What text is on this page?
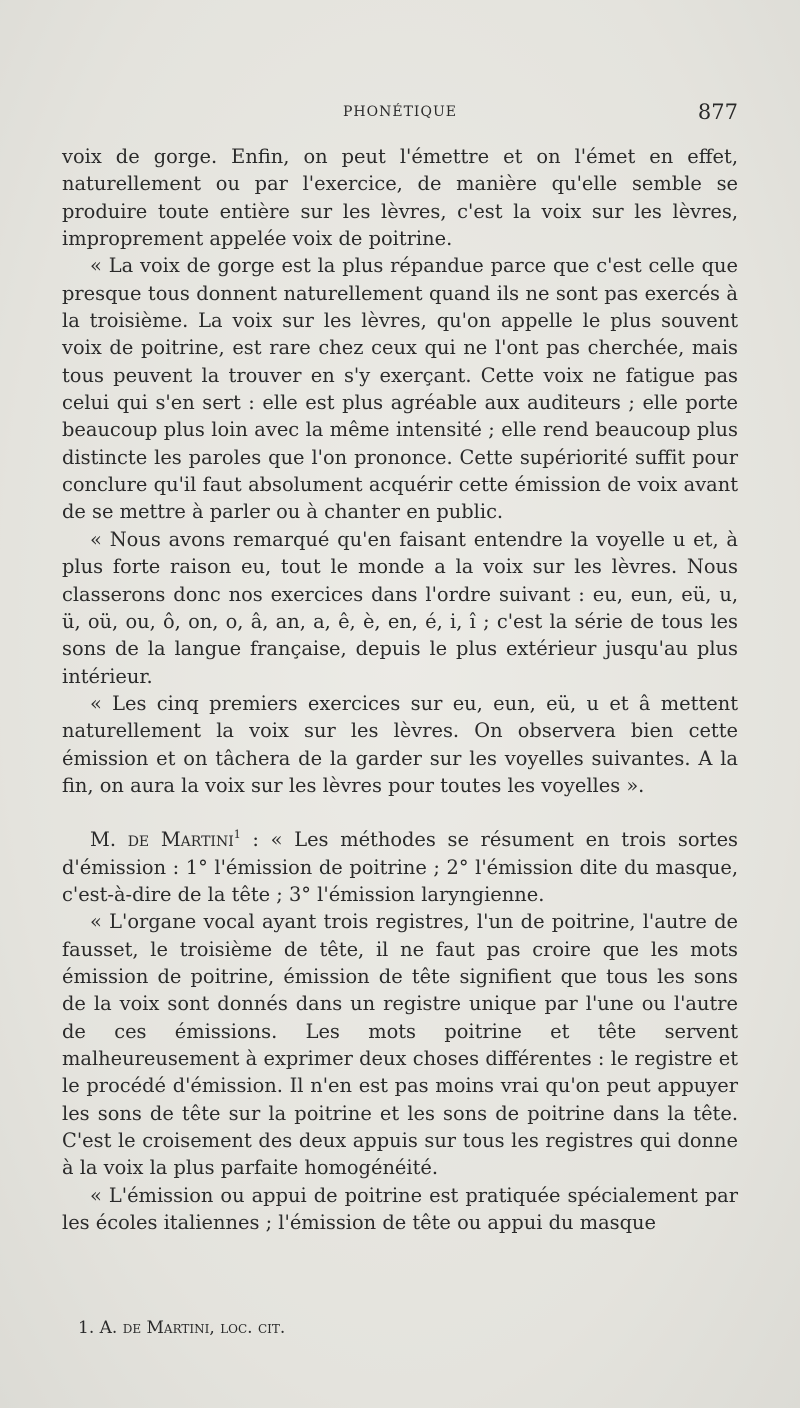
PHONÉTIQUE	877

voix de gorge. Enfin, on peut l'émettre et on l'émet en effet, naturellement ou par l'exercice, de manière qu'elle semble se produire toute entière sur les lèvres, c'est la voix sur les lèvres, improprement appelée voix de poitrine.

« La voix de gorge est la plus répandue parce que c'est celle que presque tous donnent naturellement quand ils ne sont pas exercés à la troisième. La voix sur les lèvres, qu'on appelle le plus souvent voix de poitrine, est rare chez ceux qui ne l'ont pas cherchée, mais tous peuvent la trouver en s'y exerçant. Cette voix ne fatigue pas celui qui s'en sert : elle est plus agréable aux auditeurs ; elle porte beaucoup plus loin avec la même intensité ; elle rend beaucoup plus distincte les paroles que l'on prononce. Cette supériorité suffit pour conclure qu'il faut absolument acquérir cette émission de voix avant de se mettre à parler ou à chanter en public.

« Nous avons remarqué qu'en faisant entendre la voyelle u et, à plus forte raison eu, tout le monde a la voix sur les lèvres. Nous classerons donc nos exercices dans l'ordre suivant : eu, eun, eü, u, ü, oü, ou, ô, on, o, â, an, a, ê, è, en, é, i, î ; c'est la série de tous les sons de la langue française, depuis le plus extérieur jusqu'au plus intérieur.

« Les cinq premiers exercices sur eu, eun, eü, u et â mettent naturellement la voix sur les lèvres. On observera bien cette émission et on tâchera de la garder sur les voyelles suivantes. A la fin, on aura la voix sur les lèvres pour toutes les voyelles ».

M. de Martini$^1$ : « Les méthodes se résument en trois sortes d'émission : 1° l'émission de poitrine ; 2° l'émission dite du masque, c'est-à-dire de la tête ; 3° l'émission laryngienne.

« L'organe vocal ayant trois registres, l'un de poitrine, l'autre de fausset, le troisième de tête, il ne faut pas croire que les mots émission de poitrine, émission de tête signifient que tous les sons de la voix sont donnés dans un registre unique par l'une ou l'autre de ces émissions. Les mots poitrine et tête servent malheureusement à exprimer deux choses différentes : le registre et le procédé d'émission. Il n'en est pas moins vrai qu'on peut appuyer les sons de tête sur la poitrine et les sons de poitrine dans la tête. C'est le croisement des deux appuis sur tous les registres qui donne à la voix la plus parfaite homogénéité.

« L'émission ou appui de poitrine est pratiquée spécialement par les écoles italiennes ; l'émission de tête ou appui du masque

1. A. de Martini, loc. cit.
